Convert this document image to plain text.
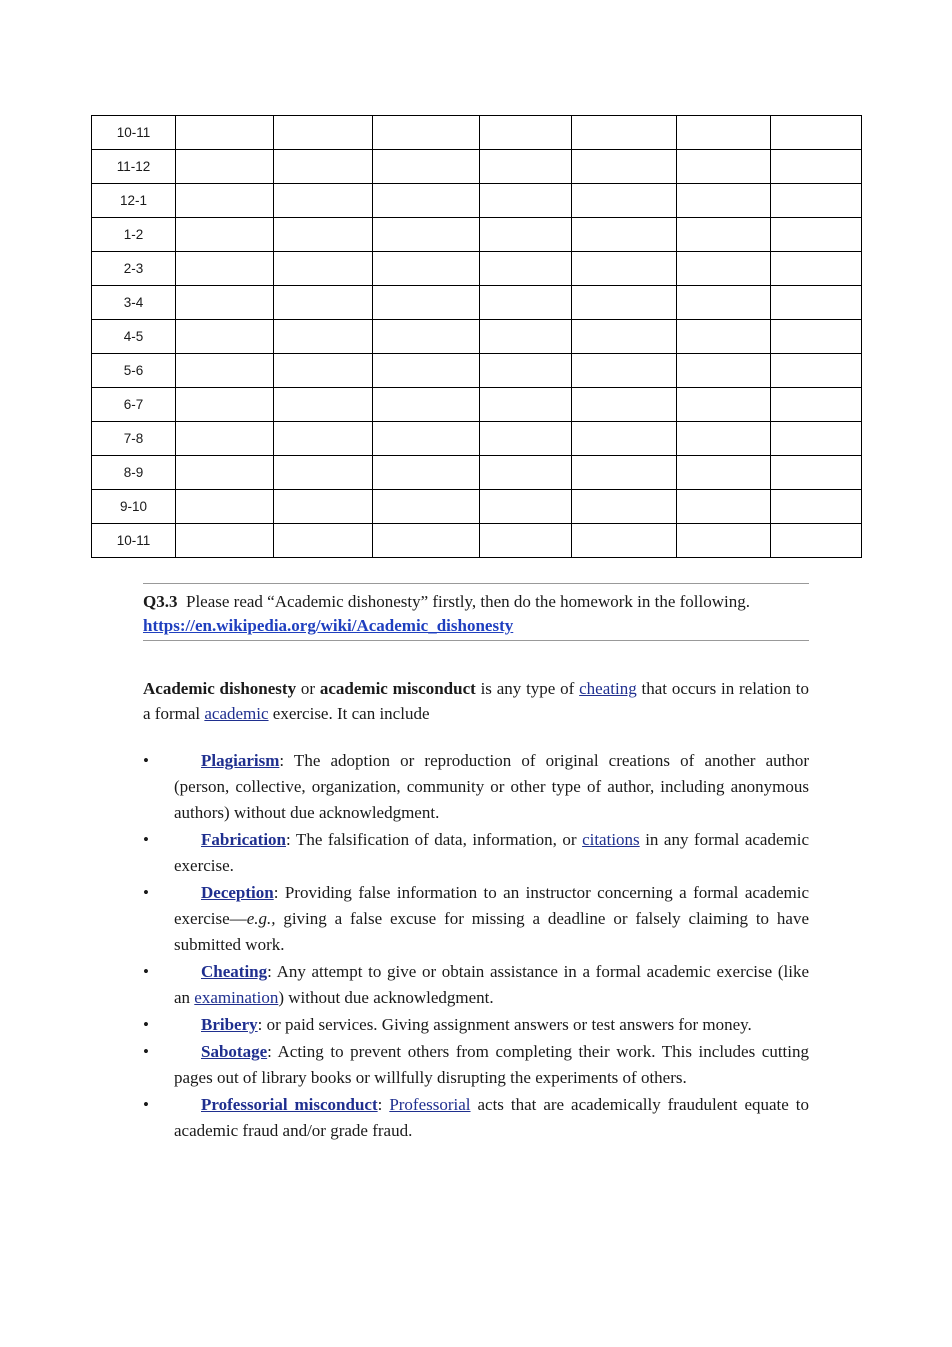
10-11							
11-12							
12-1							
1-2							
2-3							
3-4							
4-5							
5-6							
6-7							
7-8							
8-9							
9-10							
10-11							

Q3.3 Please read “Academic dishonesty” firstly, then do the homework in the following.

https://en.wikipedia.org/wiki/Academic_dishonesty

Academic dishonesty or academic misconduct is any type of cheating that occurs in relation to a formal academic exercise. It can include

•	Plagiarism: The adoption or reproduction of original creations of another author (person, collective, organization, community or other type of author, including anonymous authors) without due acknowledgment.
•	Fabrication: The falsification of data, information, or citations in any formal academic exercise.
•	Deception: Providing false information to an instructor concerning a formal academic exercise—e.g., giving a false excuse for missing a deadline or falsely claiming to have submitted work.
•	Cheating: Any attempt to give or obtain assistance in a formal academic exercise (like an examination) without due acknowledgment.
•	Bribery: or paid services. Giving assignment answers or test answers for money.
•	Sabotage: Acting to prevent others from completing their work. This includes cutting pages out of library books or willfully disrupting the experiments of others.
•	Professorial misconduct: Professorial acts that are academically fraudulent equate to academic fraud and/or grade fraud.
